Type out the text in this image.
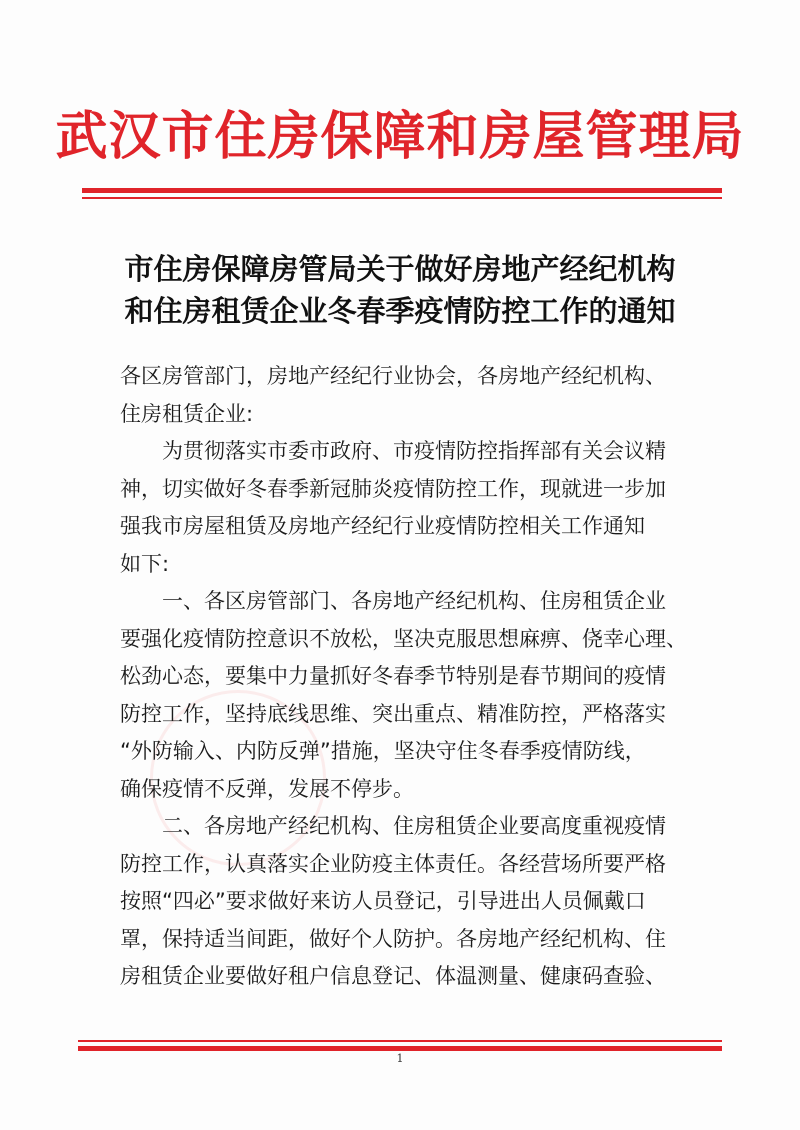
武汉市住房保障和房屋管理局
市住房保障房管局关于做好房地产经纪机构
和住房租赁企业冬春季疫情防控工作的通知
各区房管部门，房地产经纪行业协会，各房地产经纪机构、
住房租赁企业:
　　为贯彻落实市委市政府、市疫情防控指挥部有关会议精
神，切实做好冬春季新冠肺炎疫情防控工作，现就进一步加
强我市房屋租赁及房地产经纪行业疫情防控相关工作通知
如下:
　　一、各区房管部门、各房地产经纪机构、住房租赁企业
要强化疫情防控意识不放松，坚决克服思想麻痹、侥幸心理、
松劲心态，要集中力量抓好冬春季节特别是春节期间的疫情
防控工作，坚持底线思维、突出重点、精准防控，严格落实
“外防输入、内防反弹”措施，坚决守住冬春季疫情防线，
确保疫情不反弹，发展不停步。
　　二、各房地产经纪机构、住房租赁企业要高度重视疫情
防控工作，认真落实企业防疫主体责任。各经营场所要严格
按照“四必”要求做好来访人员登记，引导进出人员佩戴口
罩，保持适当间距，做好个人防护。各房地产经纪机构、住
房租赁企业要做好租户信息登记、体温测量、健康码查验、
1
